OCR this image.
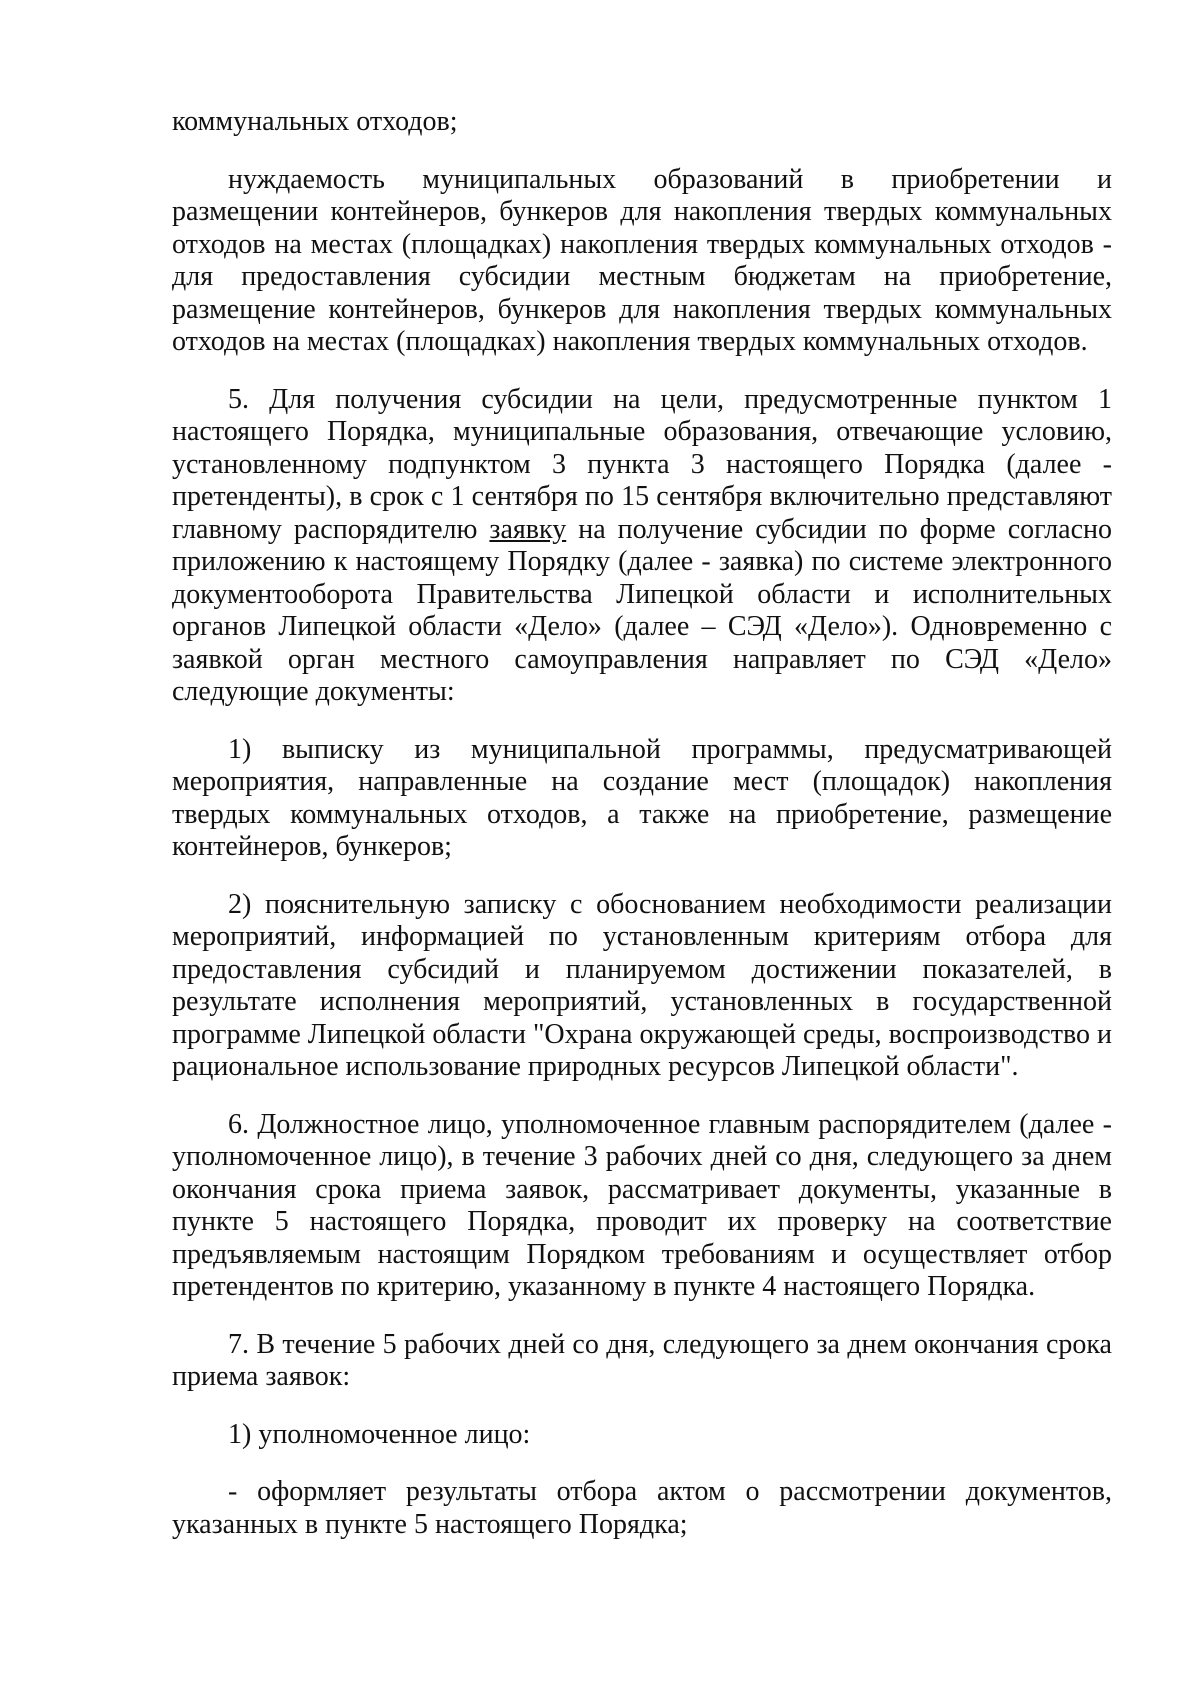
коммунальных отходов;

нуждаемость муниципальных образований в приобретении и размещении контейнеров, бункеров для накопления твердых коммунальных отходов на местах (площадках) накопления твердых коммунальных отходов - для предоставления субсидии местным бюджетам на приобретение, размещение контейнеров, бункеров для накопления твердых коммунальных отходов на местах (площадках) накопления твердых коммунальных отходов.

5. Для получения субсидии на цели, предусмотренные пунктом 1 настоящего Порядка, муниципальные образования, отвечающие условию, установленному подпунктом 3 пункта 3 настоящего Порядка (далее - претенденты), в срок с 1 сентября по 15 сентября включительно представляют главному распорядителю заявку на получение субсидии по форме согласно приложению к настоящему Порядку (далее - заявка) по системе электронного документооборота Правительства Липецкой области и исполнительных органов Липецкой области «Дело» (далее – СЭД «Дело»). Одновременно с заявкой орган местного самоуправления направляет по СЭД «Дело» следующие документы:

1) выписку из муниципальной программы, предусматривающей мероприятия, направленные на создание мест (площадок) накопления твердых коммунальных отходов, а также на приобретение, размещение контейнеров, бункеров;

2) пояснительную записку с обоснованием необходимости реализации мероприятий, информацией по установленным критериям отбора для предоставления субсидий и планируемом достижении показателей, в результате исполнения мероприятий, установленных в государственной программе Липецкой области "Охрана окружающей среды, воспроизводство и рациональное использование природных ресурсов Липецкой области".

6. Должностное лицо, уполномоченное главным распорядителем (далее - уполномоченное лицо), в течение 3 рабочих дней со дня, следующего за днем окончания срока приема заявок, рассматривает документы, указанные в пункте 5 настоящего Порядка, проводит их проверку на соответствие предъявляемым настоящим Порядком требованиям и осуществляет отбор претендентов по критерию, указанному в пункте 4 настоящего Порядка.

7. В течение 5 рабочих дней со дня, следующего за днем окончания срока приема заявок:

1) уполномоченное лицо:

- оформляет результаты отбора актом о рассмотрении документов, указанных в пункте 5 настоящего Порядка;
